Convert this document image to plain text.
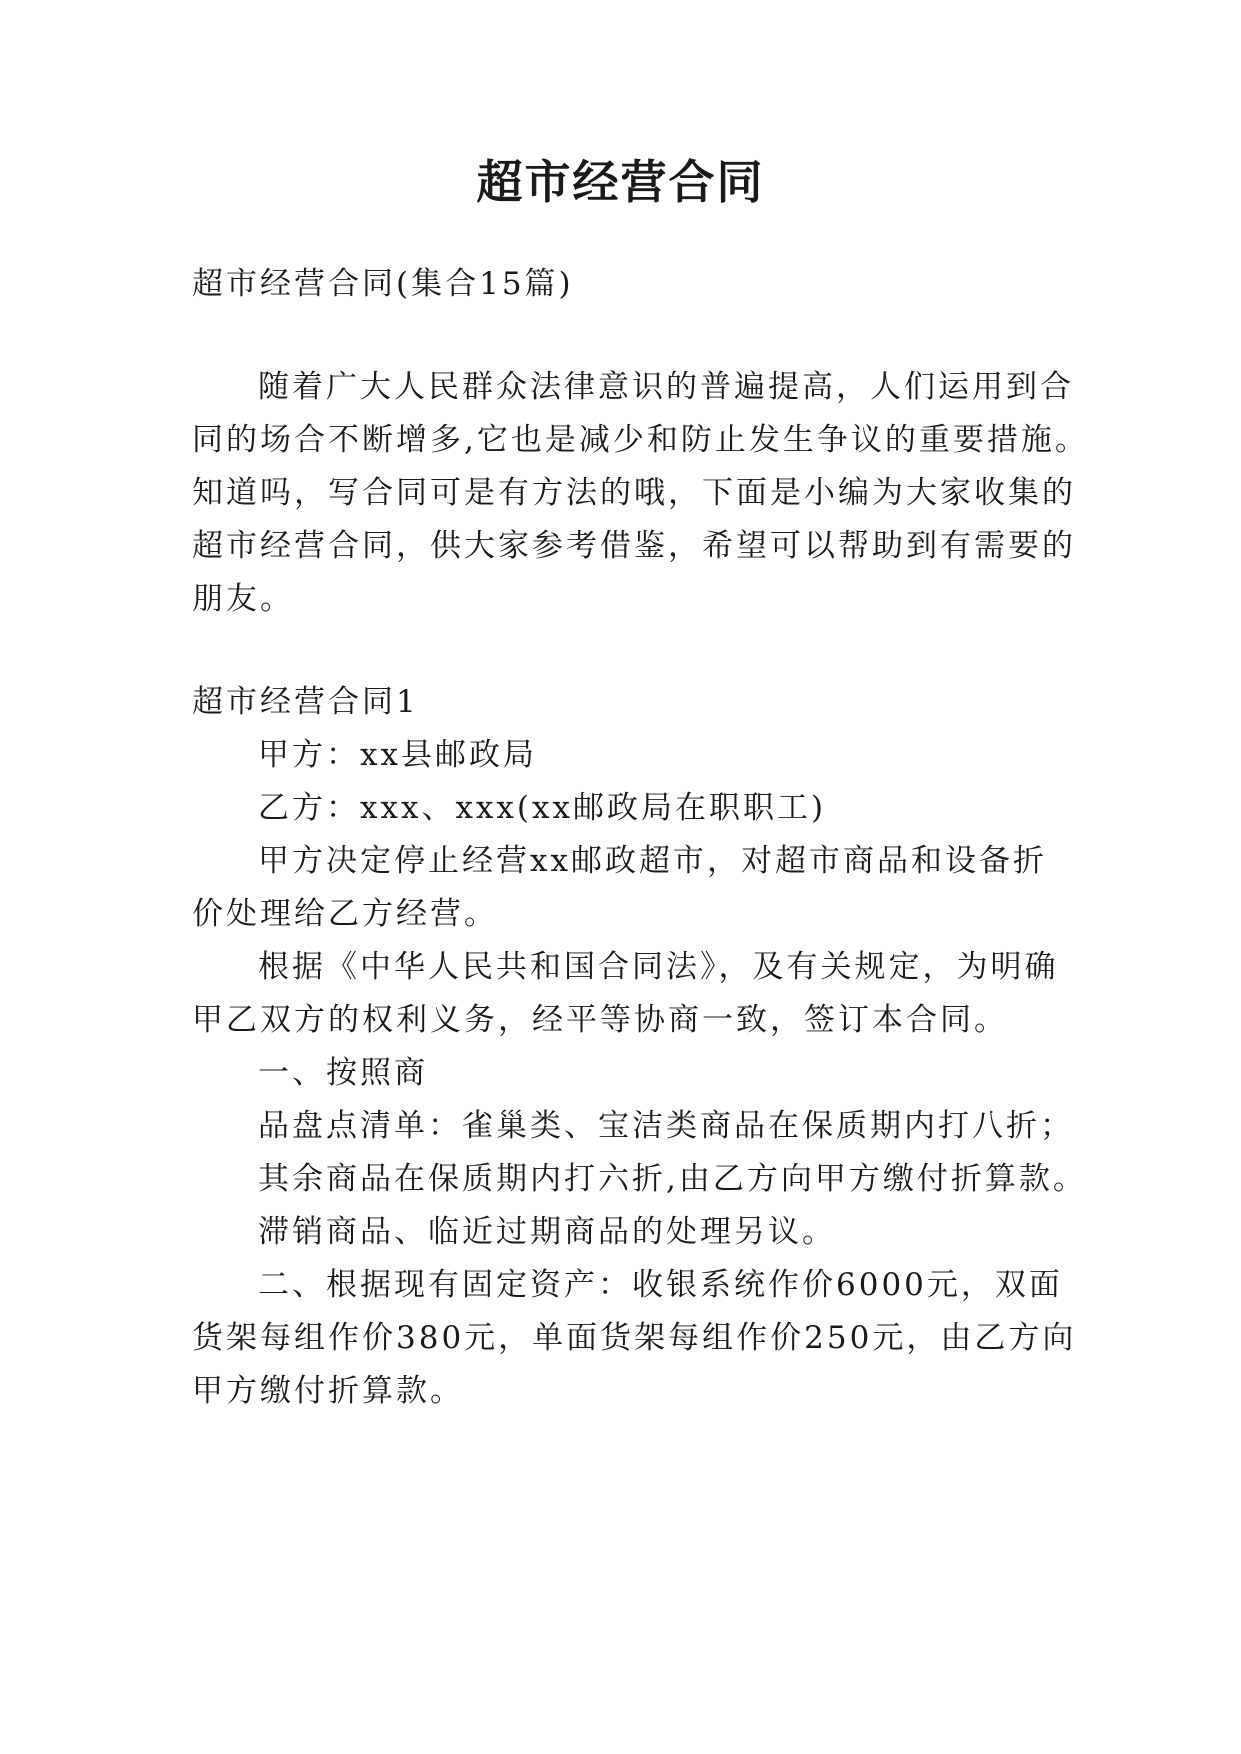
超市经营合同

超市经营合同(集合15篇)

随着广大人民群众法律意识的普遍提高，人们运用到合

同的场合不断增多,它也是减少和防止发生争议的重要措施。

知道吗，写合同可是有方法的哦，下面是小编为大家收集的

超市经营合同，供大家参考借鉴，希望可以帮助到有需要的

朋友。

超市经营合同1

甲方：xx县邮政局

乙方：xxx、xxx(xx邮政局在职职工)

甲方决定停止经营xx邮政超市，对超市商品和设备折

价处理给乙方经营。

根据《中华人民共和国合同法》，及有关规定，为明确

甲乙双方的权利义务，经平等协商一致，签订本合同。

一、按照商

品盘点清单：雀巢类、宝洁类商品在保质期内打八折；

其余商品在保质期内打六折,由乙方向甲方缴付折算款。

滞销商品、临近过期商品的处理另议。

二、根据现有固定资产：收银系统作价6000元，双面

货架每组作价380元，单面货架每组作价250元，由乙方向

甲方缴付折算款。
